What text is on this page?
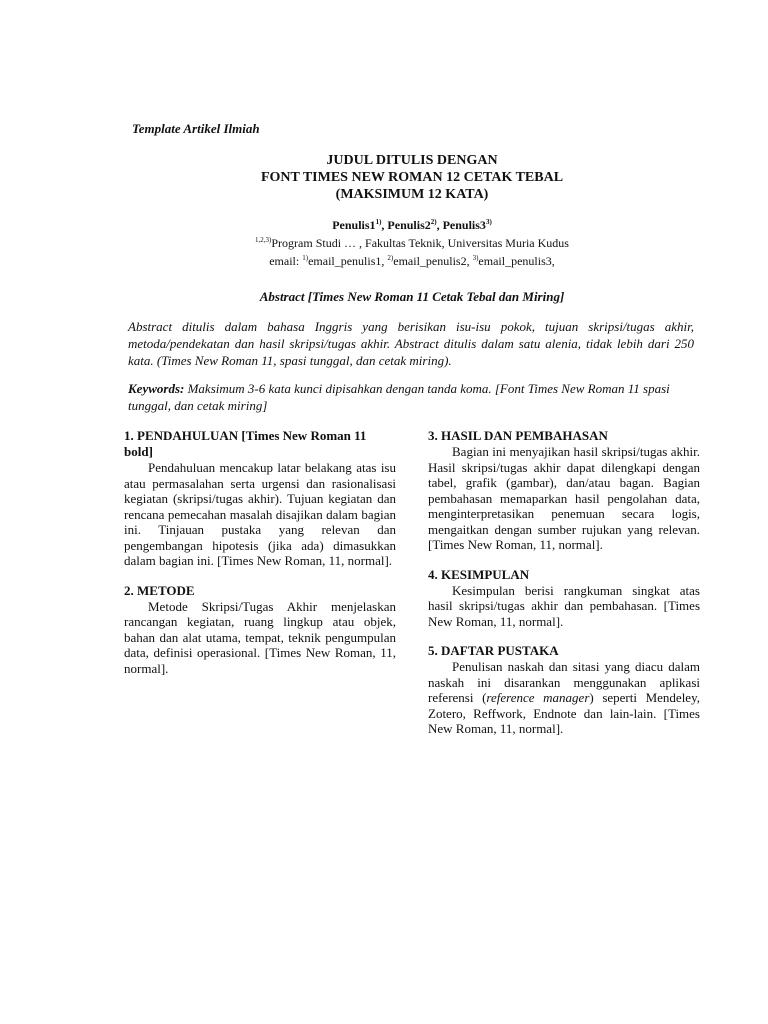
Template Artikel Ilmiah
JUDUL DITULIS DENGAN
FONT TIMES NEW ROMAN 12 CETAK TEBAL
(MAKSIMUM 12 KATA)
Penulis1$^{1)}$, Penulis2$^{2)}$, Penulis3$^{3)}$
$^{1,2,3)}$Program Studi … , Fakultas Teknik, Universitas Muria Kudus
email: $^{1)}$email_penulis1, $^{2)}$email_penulis2, $^{3)}$email_penulis3,
Abstract [Times New Roman 11 Cetak Tebal dan Miring]
Abstract ditulis dalam bahasa Inggris yang berisikan isu-isu pokok, tujuan skripsi/tugas akhir, metoda/pendekatan dan hasil skripsi/tugas akhir. Abstract ditulis dalam satu alenia, tidak lebih dari 250 kata. (Times New Roman 11, spasi tunggal, dan cetak miring).
Keywords: Maksimum 3-6 kata kunci dipisahkan dengan tanda koma. [Font Times New Roman 11 spasi tunggal, dan cetak miring]

1. PENDAHULUAN [Times New Roman 11 bold]

Pendahuluan mencakup latar belakang atas isu atau permasalahan serta urgensi dan rasionalisasi kegiatan (skripsi/tugas akhir). Tujuan kegiatan dan rencana pemecahan masalah disajikan dalam bagian ini. Tinjauan pustaka yang relevan dan pengembangan hipotesis (jika ada) dimasukkan dalam bagian ini. [Times New Roman, 11, normal].

2. METODE

Metode Skripsi/Tugas Akhir menjelaskan rancangan kegiatan, ruang lingkup atau objek, bahan dan alat utama, tempat, teknik pengumpulan data, definisi operasional. [Times New Roman, 11, normal].

3. HASIL DAN PEMBAHASAN

Bagian ini menyajikan hasil skripsi/tugas akhir. Hasil skripsi/tugas akhir dapat dilengkapi dengan tabel, grafik (gambar), dan/atau bagan. Bagian pembahasan memaparkan hasil pengolahan data, menginterpretasikan penemuan secara logis, mengaitkan dengan sumber rujukan yang relevan. [Times New Roman, 11, normal].

4. KESIMPULAN

Kesimpulan berisi rangkuman singkat atas hasil skripsi/tugas akhir dan pembahasan. [Times New Roman, 11, normal].

5. DAFTAR PUSTAKA

Penulisan naskah dan sitasi yang diacu dalam naskah ini disarankan menggunakan aplikasi referensi (reference manager) seperti Mendeley, Zotero, Reffwork, Endnote dan lain-lain. [Times New Roman, 11, normal].
